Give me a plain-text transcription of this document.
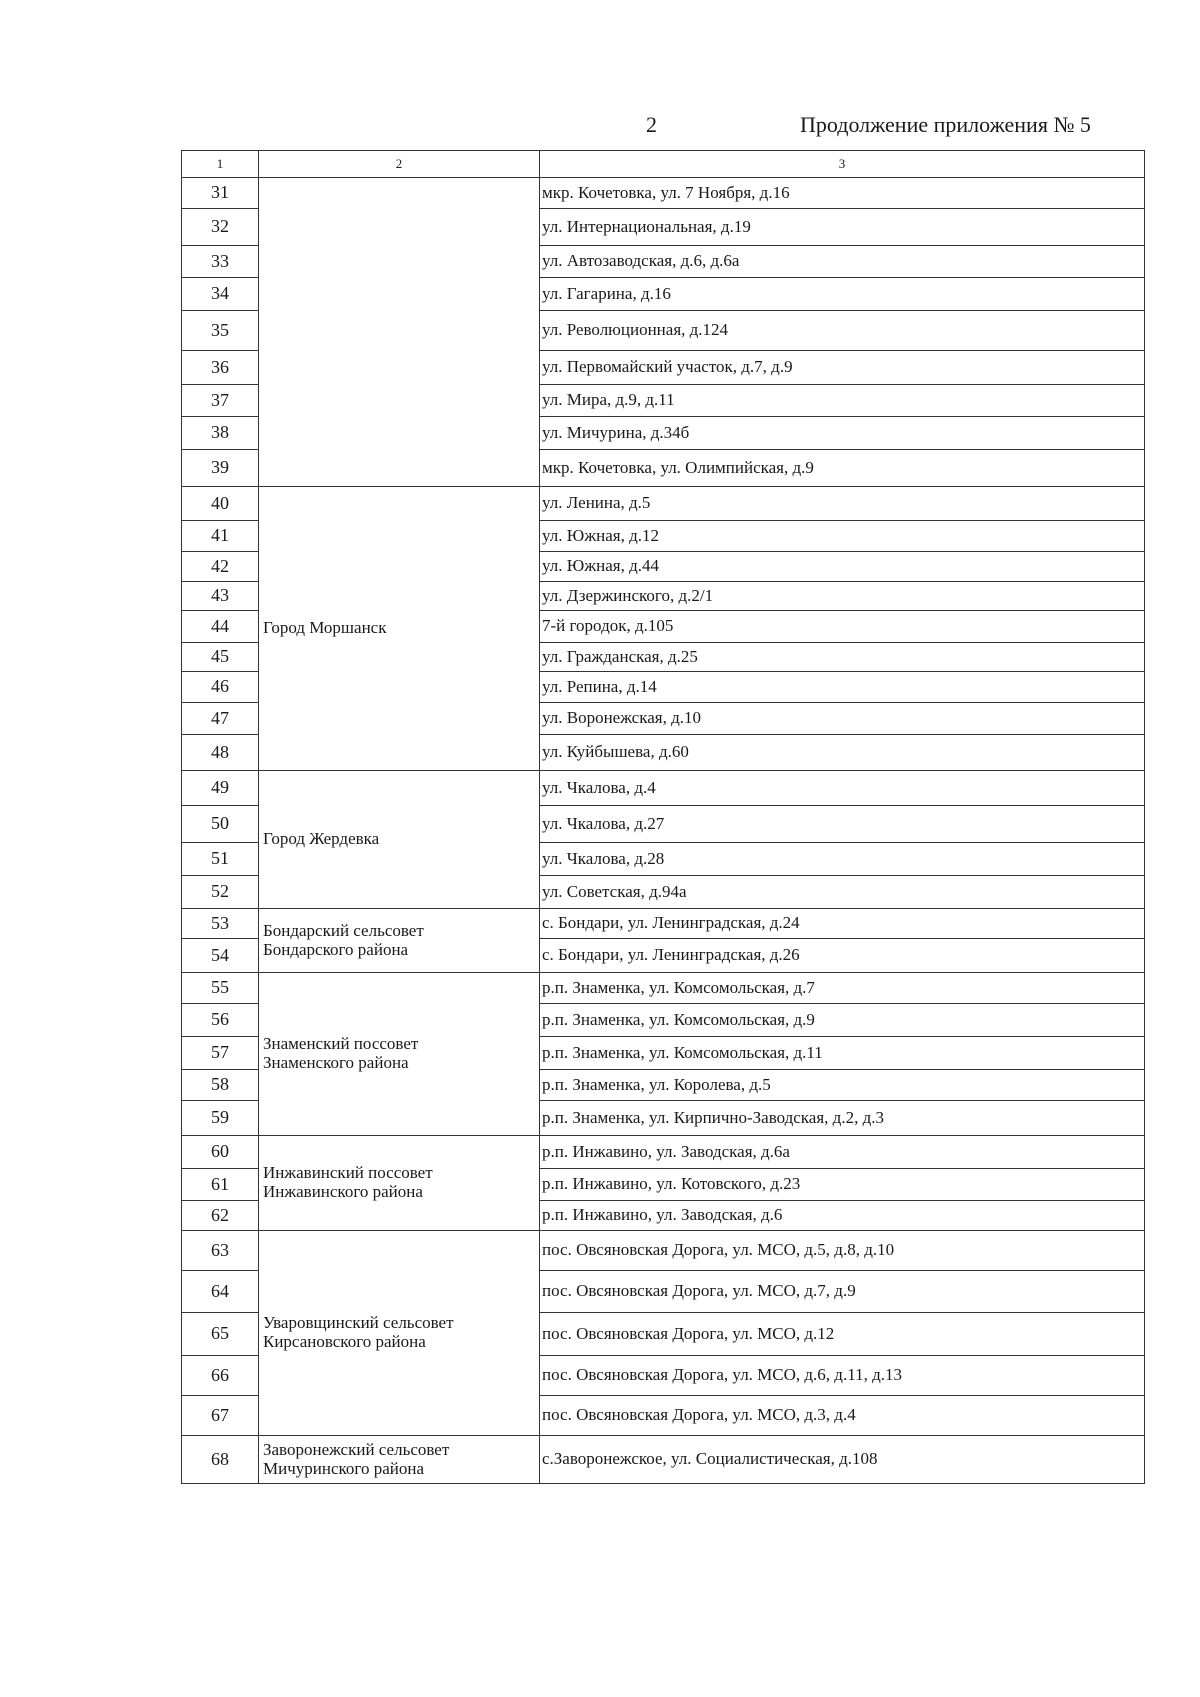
2	Продолжение приложения № 5
1	2	3
31		мкр. Кочетовка, ул. 7 Ноября, д.16
32		ул. Интернациональная, д.19
33		ул. Автозаводская, д.6, д.6а
34		ул. Гагарина, д.16
35		ул. Революционная, д.124
36		ул. Первомайский участок, д.7, д.9
37		ул. Мира, д.9, д.11
38		ул. Мичурина, д.34б
39		мкр. Кочетовка, ул. Олимпийская, д.9
40	Город Моршанск	ул. Ленина, д.5
41		ул. Южная, д.12
42		ул. Южная, д.44
43		ул. Дзержинского, д.2/1
44		7-й городок, д.105
45		ул. Гражданская, д.25
46		ул. Репина, д.14
47		ул. Воронежская, д.10
48		ул. Куйбышева, д.60
49	Город Жердевка	ул. Чкалова, д.4
50		ул. Чкалова, д.27
51		ул. Чкалова, д.28
52		ул. Советская, д.94а
53	Бондарский сельсовет
Бондарского района	с. Бондари, ул. Ленинградская, д.24
54		с. Бондари, ул. Ленинградская, д.26
55	Знаменский поссовет
Знаменского района	р.п. Знаменка, ул. Комсомольская, д.7
56		р.п. Знаменка, ул. Комсомольская, д.9
57		р.п. Знаменка, ул. Комсомольская, д.11
58		р.п. Знаменка, ул. Королева, д.5
59		р.п. Знаменка, ул. Кирпично-Заводская, д.2, д.3
60	Инжавинский поссовет
Инжавинского района	р.п. Инжавино, ул. Заводская, д.6а
61		р.п. Инжавино, ул. Котовского, д.23
62		р.п. Инжавино, ул. Заводская, д.6
63	Уваровщинский сельсовет
Кирсановского района	пос. Овсяновская Дорога, ул. МСО, д.5, д.8, д.10
64		пос. Овсяновская Дорога, ул. МСО, д.7, д.9
65		пос. Овсяновская Дорога, ул. МСО, д.12
66		пос. Овсяновская Дорога, ул. МСО, д.6, д.11, д.13
67		пос. Овсяновская Дорога, ул. МСО, д.3, д.4
68	Заворонежский сельсовет
Мичуринского района	с.Заворонежское, ул. Социалистическая, д.108
